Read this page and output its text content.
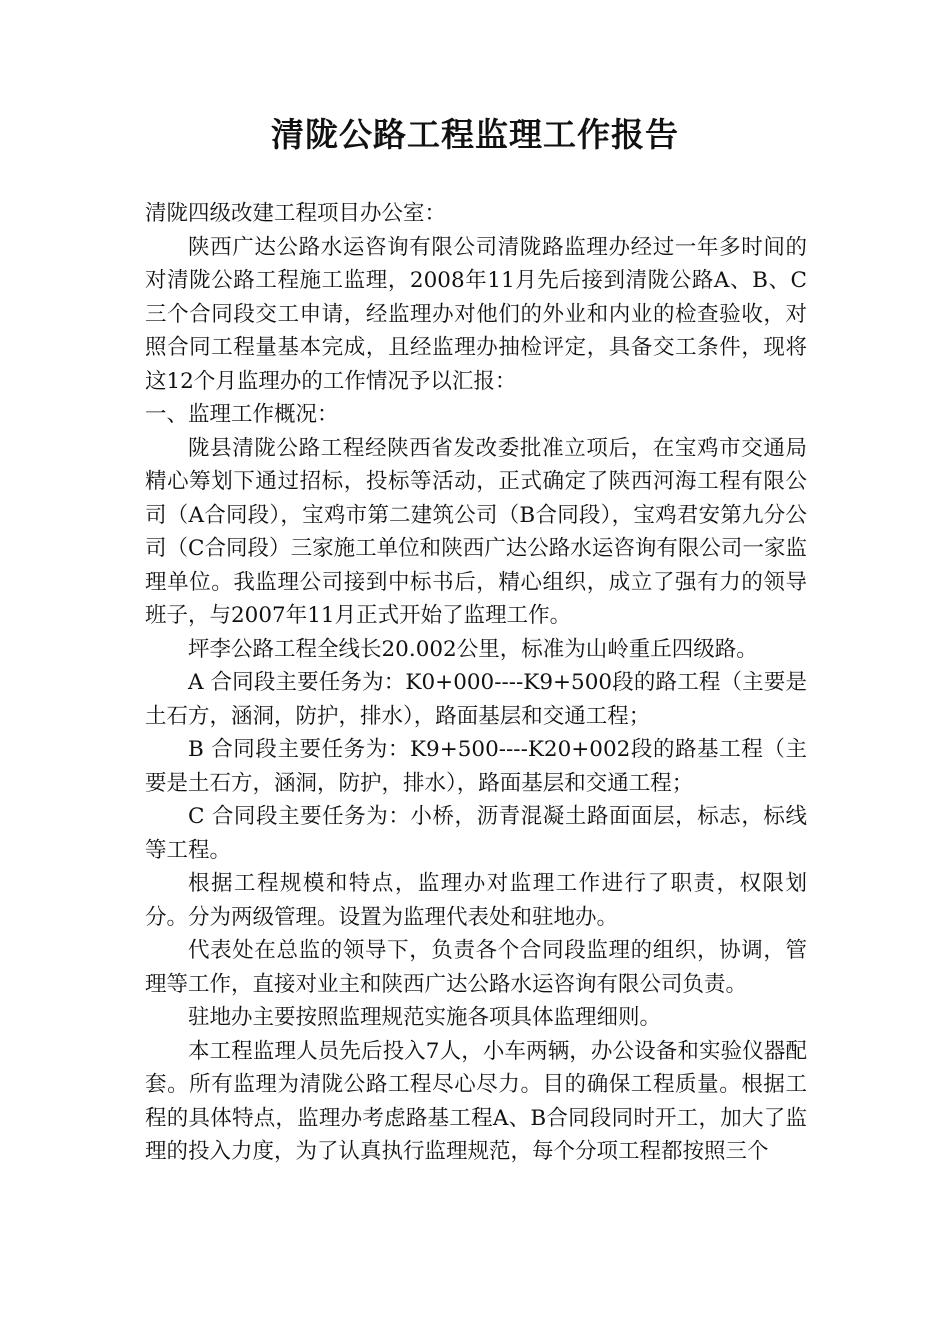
清陇公路工程监理工作报告

清陇四级改建工程项目办公室：

陕西广达公路水运咨询有限公司清陇路监理办经过一年多时间的对清陇公路工程施工监理，2008年11月先后接到清陇公路A、B、C三个合同段交工申请，经监理办对他们的外业和内业的检查验收，对照合同工程量基本完成，且经监理办抽检评定，具备交工条件，现将这12个月监理办的工作情况予以汇报：

一、监理工作概况：

陇县清陇公路工程经陕西省发改委批准立项后，在宝鸡市交通局精心筹划下通过招标，投标等活动，正式确定了陕西河海工程有限公司（A合同段），宝鸡市第二建筑公司（B合同段），宝鸡君安第九分公司（C合同段）三家施工单位和陕西广达公路水运咨询有限公司一家监理单位。我监理公司接到中标书后，精心组织，成立了强有力的领导班子，与2007年11月正式开始了监理工作。

坪李公路工程全线长20.002公里，标准为山岭重丘四级路。

A 合同段主要任务为：K0+000----K9+500段的路工程（主要是土石方，涵洞，防护，排水），路面基层和交通工程；

B 合同段主要任务为：K9+500----K20+002段的路基工程（主要是土石方，涵洞，防护，排水），路面基层和交通工程；

C 合同段主要任务为：小桥，沥青混凝土路面面层，标志，标线等工程。

根据工程规模和特点，监理办对监理工作进行了职责，权限划分。分为两级管理。设置为监理代表处和驻地办。

代表处在总监的领导下，负责各个合同段监理的组织，协调，管理等工作，直接对业主和陕西广达公路水运咨询有限公司负责。

驻地办主要按照监理规范实施各项具体监理细则。

本工程监理人员先后投入7人，小车两辆，办公设备和实验仪器配套。所有监理为清陇公路工程尽心尽力。目的确保工程质量。根据工程的具体特点，监理办考虑路基工程A、B合同段同时开工，加大了监理的投入力度，为了认真执行监理规范，每个分项工程都按照三个
